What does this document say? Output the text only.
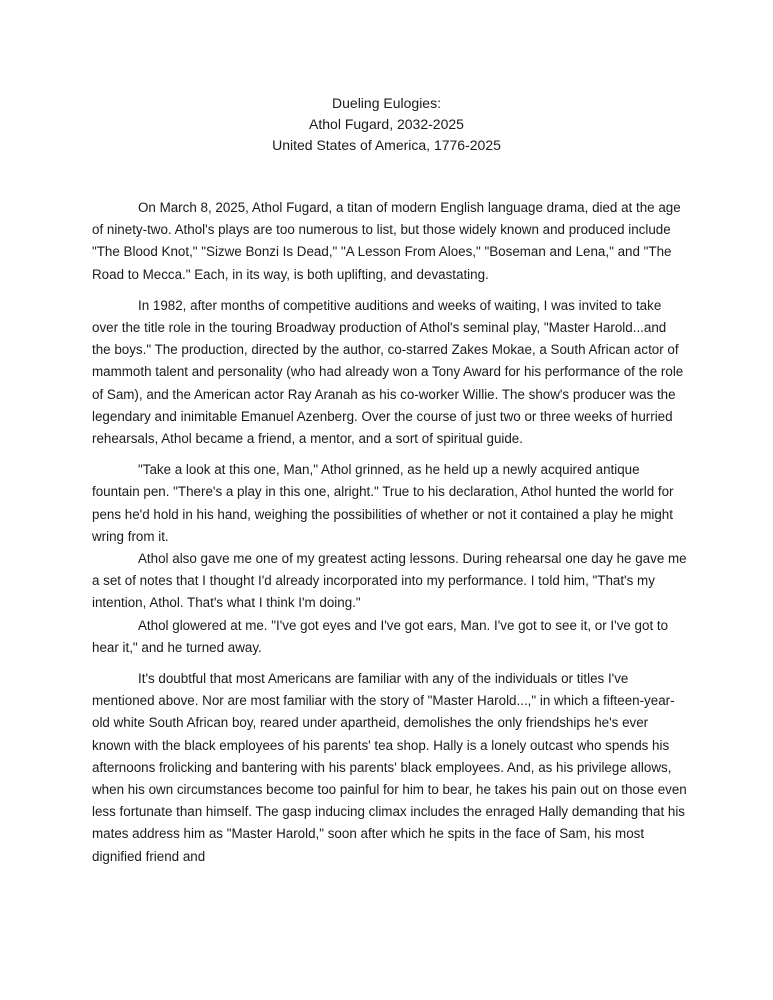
Dueling Eulogies:
Athol Fugard, 2032-2025
United States of America, 1776-2025

On March 8, 2025, Athol Fugard, a titan of modern English language drama, died at the age of ninety-two. Athol's plays are too numerous to list, but those widely known and produced include "The Blood Knot," "Sizwe Bonzi Is Dead," "A Lesson From Aloes," "Boseman and Lena," and "The Road to Mecca." Each, in its way, is both uplifting, and devastating.

In 1982, after months of competitive auditions and weeks of waiting, I was invited to take over the title role in the touring Broadway production of Athol's seminal play, "Master Harold...and the boys." The production, directed by the author, co-starred Zakes Mokae, a South African actor of mammoth talent and personality (who had already won a Tony Award for his performance of the role of Sam), and the American actor Ray Aranah as his co-worker Willie. The show's producer was the legendary and inimitable Emanuel Azenberg. Over the course of just two or three weeks of hurried rehearsals, Athol became a friend, a mentor, and a sort of spiritual guide.

"Take a look at this one, Man," Athol grinned, as he held up a newly acquired antique fountain pen. "There's a play in this one, alright." True to his declaration, Athol hunted the world for pens he'd hold in his hand, weighing the possibilities of whether or not it contained a play he might wring from it.

Athol also gave me one of my greatest acting lessons. During rehearsal one day he gave me a set of notes that I thought I'd already incorporated into my performance. I told him, "That's my intention, Athol. That's what I think I'm doing."

Athol glowered at me. "I've got eyes and I've got ears, Man. I've got to see it, or I've got to hear it," and he turned away.

It's doubtful that most Americans are familiar with any of the individuals or titles I've mentioned above. Nor are most familiar with the story of "Master Harold...," in which a fifteen-year-old white South African boy, reared under apartheid, demolishes the only friendships he's ever known with the black employees of his parents' tea shop. Hally is a lonely outcast who spends his afternoons frolicking and bantering with his parents' black employees. And, as his privilege allows, when his own circumstances become too painful for him to bear, he takes his pain out on those even less fortunate than himself. The gasp inducing climax includes the enraged Hally demanding that his mates address him as "Master Harold," soon after which he spits in the face of Sam, his most dignified friend and
